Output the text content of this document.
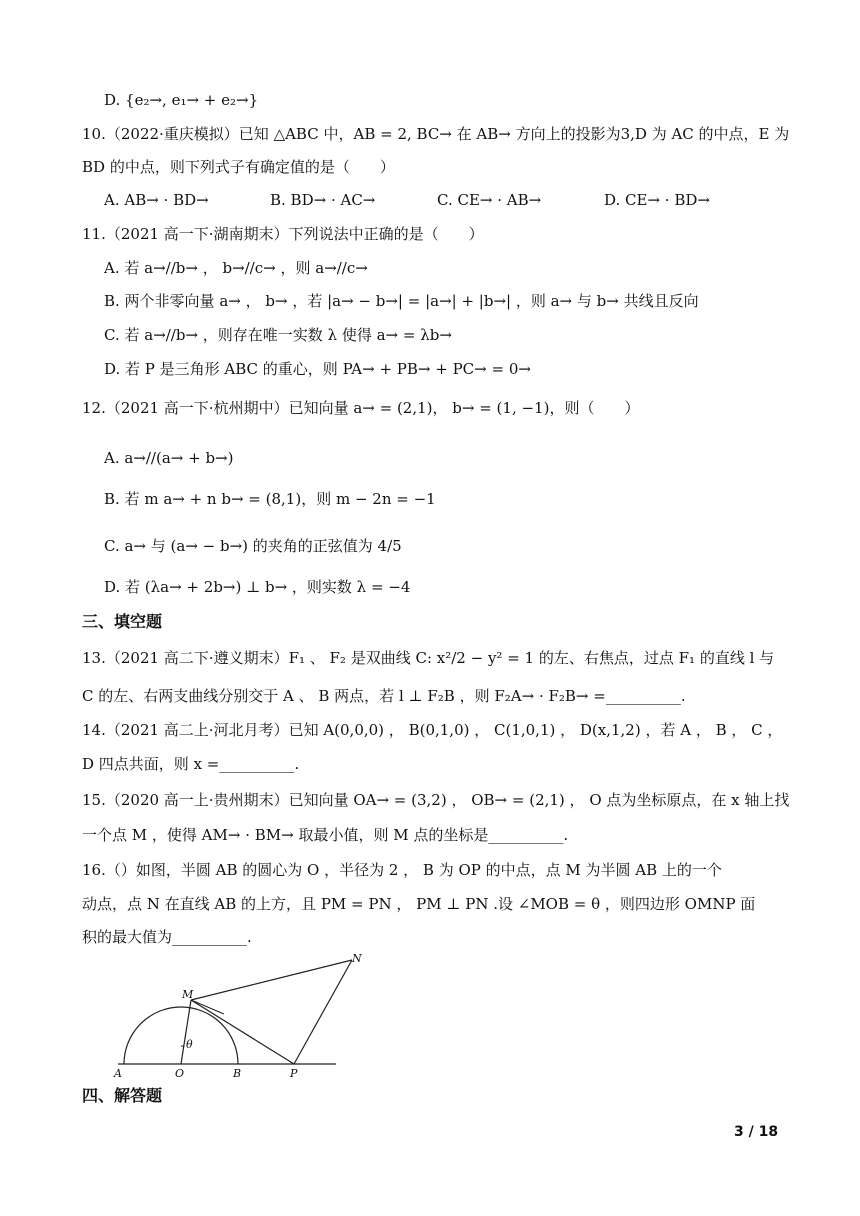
D. {e₂→, e₁→ + e₂→}
10.（2022·重庆模拟）已知 △ABC 中，AB = 2, BC→ 在 AB→ 方向上的投影为3,D 为 AC 的中点，E 为
BD 的中点，则下列式子有确定值的是（　　）
A. AB→ · BD→	B. BD→ · AC→	C. CE→ · AB→	D. CE→ · BD→
11.（2021 高一下·湖南期末）下列说法中正确的是（　　）
A. 若 a→//b→ ， b→//c→ ，则 a→//c→
B. 两个非零向量 a→ ， b→ ，若 |a→ − b→| = |a→| + |b→| ，则 a→ 与 b→ 共线且反向
C. 若 a→//b→ ，则存在唯一实数 λ 使得 a→ = λb→
D. 若 P 是三角形 ABC 的重心，则 PA→ + PB→ + PC→ = 0→
12.（2021 高一下·杭州期中）已知向量 a→ = (2,1)， b→ = (1, −1)，则（　　）
A. a→//(a→ + b→)
B. 若 m a→ + n b→ = (8,1)，则 m − 2n = −1
C. a→ 与 (a→ − b→) 的夹角的正弦值为 4/5
D. 若 (λa→ + 2b→) ⊥ b→ ，则实数 λ = −4
三、填空题
13.（2021 高二下·遵义期末）F₁ 、 F₂ 是双曲线 C: x²/2 − y² = 1 的左、右焦点，过点 F₁ 的直线 l 与
C 的左、右两支曲线分别交于 A 、 B 两点，若 l ⊥ F₂B ，则 F₂A→ · F₂B→ =__________.
14.（2021 高二上·河北月考）已知 A(0,0,0) ， B(0,1,0) ， C(1,0,1) ， D(x,1,2) ，若 A ， B ， C ，
D 四点共面，则 x =__________.
15.（2020 高一上·贵州期末）已知向量 OA→ = (3,2) ， OB→ = (2,1) ， O 点为坐标原点，在 x 轴上找
一个点 M ，使得 AM→ · BM→ 取最小值，则 M 点的坐标是__________.
16.（）如图，半圆 AB 的圆心为 O ，半径为 2 ， B 为 OP 的中点，点 M 为半圆 AB 上的一个
动点，点 N 在直线 AB 的上方，且 PM = PN ， PM ⊥ PN .设 ∠MOB = θ ，则四边形 OMNP 面
积的最大值为__________.
A	O	B	P
M
N
θ
四、解答题
3 / 18
